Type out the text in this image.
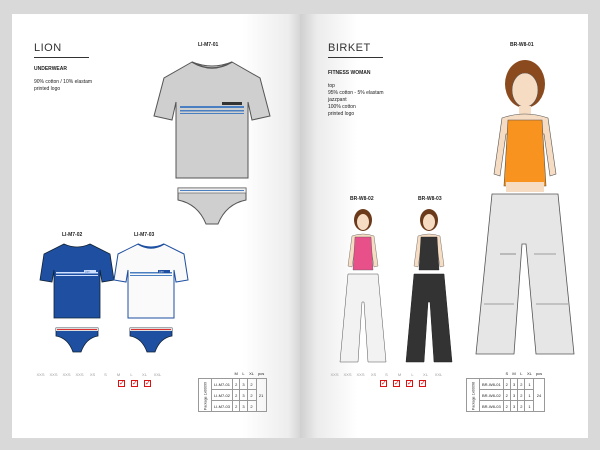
LION
UNDERWEAR
90% cotton / 10% elastam
printed logo
LI-M7-01
LI-M7-02	LI-M7-03
Lion	Lion
XXS	XXS	XXS	XXS	XS	S	M	L	XL	XXL
✓ ✓ ✓
		M	L	XL	pcs
Package 1x00099	LI-M7-01	2	3	2	21
	LI-M7-02	2	3	2	
	LI-M7-03	2	3	2	
BIRKET
FITNESS WOMAN
top
95% cotton - 5% elastam
jazzpant
100% cotton
printed logo
BR-W8-01
BR-W8-02	BR-W8-03
XXS	XXS	XXS	XS	S	M	L	XL	XXL
✓ ✓ ✓ ✓
		S	M	L	XL	pcs
Package 1x00098	BR-W8-01	2	3	2	1	24
	BR-W8-02	2	3	2	1	
	BR-W8-03	2	3	2	1	
